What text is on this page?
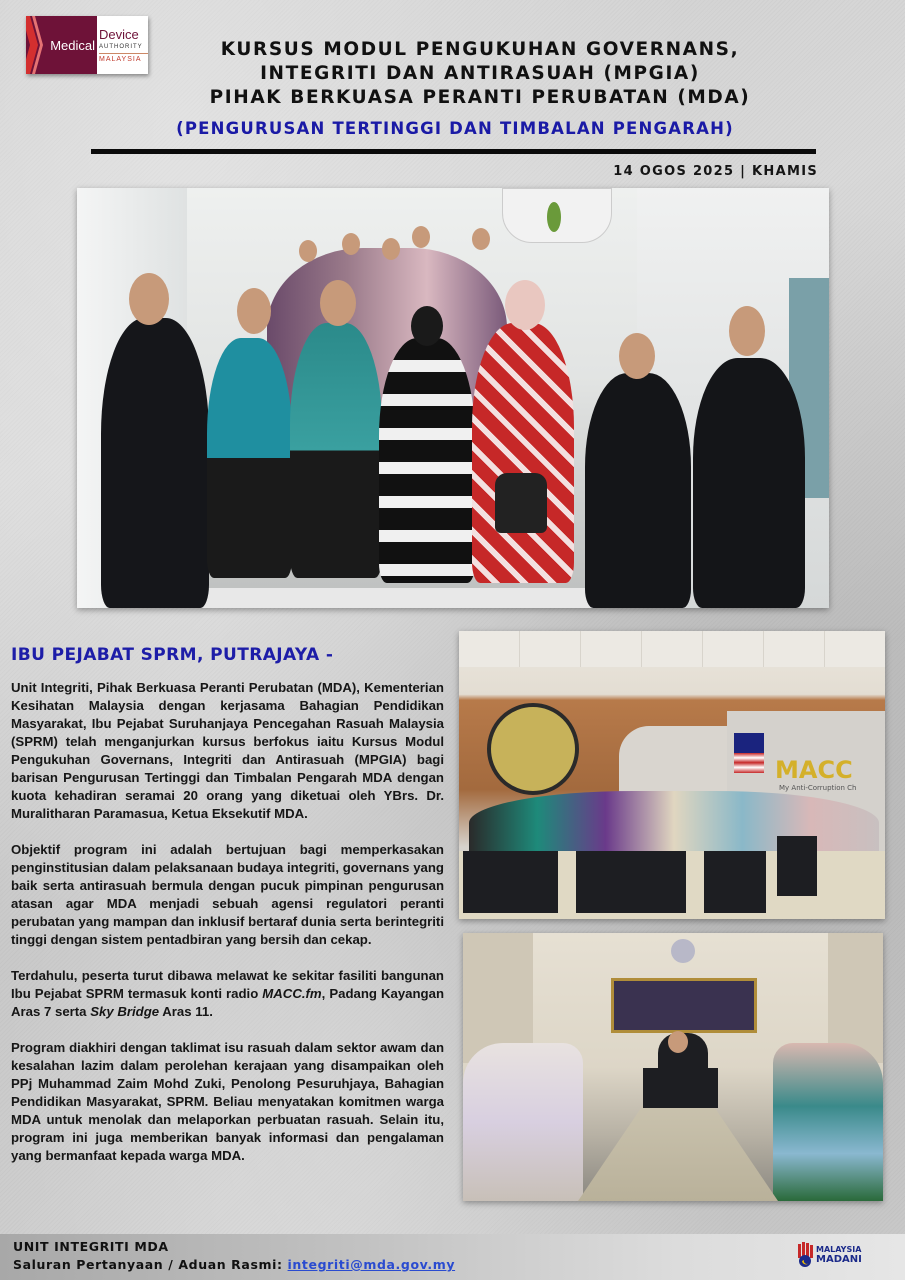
Medical
Device
AUTHORITY
MALAYSIA	KURSUS MODUL PENGUKUHAN GOVERNANS,
INTEGRITI DAN ANTIRASUAH (MPGIA)
PIHAK BERKUASA PERANTI PERUBATAN (MDA)
(PENGURUSAN TERTINGGI DAN TIMBALAN PENGARAH)
14 OGOS 2025 | KHAMIS
IBU PEJABAT SPRM, PUTRAJAYA -

Unit Integriti, Pihak Berkuasa Peranti Perubatan (MDA), Kementerian Kesihatan Malaysia dengan kerjasama Bahagian Pendidikan Masyarakat, Ibu Pejabat Suruhanjaya Pencegahan Rasuah Malaysia (SPRM) telah menganjurkan kursus berfokus iaitu Kursus Modul Pengukuhan Governans, Integriti dan Antirasuah (MPGIA) bagi barisan Pengurusan Tertinggi dan Timbalan Pengarah MDA dengan kuota kehadiran seramai 20 orang yang diketuai oleh YBrs. Dr. Muralitharan Paramasua, Ketua Eksekutif MDA.

Objektif program ini adalah bertujuan bagi memperkasakan penginstitusian dalam pelaksanaan budaya integriti, governans yang baik serta antirasuah bermula dengan pucuk pimpinan pengurusan atasan agar MDA menjadi sebuah agensi regulatori peranti perubatan yang mampan dan inklusif bertaraf dunia serta berintegriti tinggi dengan sistem pentadbiran yang bersih dan cekap.

Terdahulu, peserta turut dibawa melawat ke sekitar fasiliti bangunan Ibu Pejabat SPRM termasuk konti radio MACC.fm, Padang Kayangan Aras 7 serta Sky Bridge Aras 11.

Program diakhiri dengan taklimat isu rasuah dalam sektor awam dan kesalahan lazim dalam perolehan kerajaan yang disampaikan oleh PPj Muhammad Zaim Mohd Zuki, Penolong Pesuruhjaya, Bahagian Pendidikan Masyarakat, SPRM. Beliau menyatakan komitmen warga MDA untuk menolak dan melaporkan perbuatan rasuah. Selain itu, program ini juga memberikan banyak informasi dan pengalaman yang bermanfaat kepada warga MDA.

MACC
My Anti-Corruption Ch
UNIT INTEGRITI MDA
Saluran Pertanyaan / Aduan Rasmi: integriti@mda.gov.my
MALAYSIA
MADANI
